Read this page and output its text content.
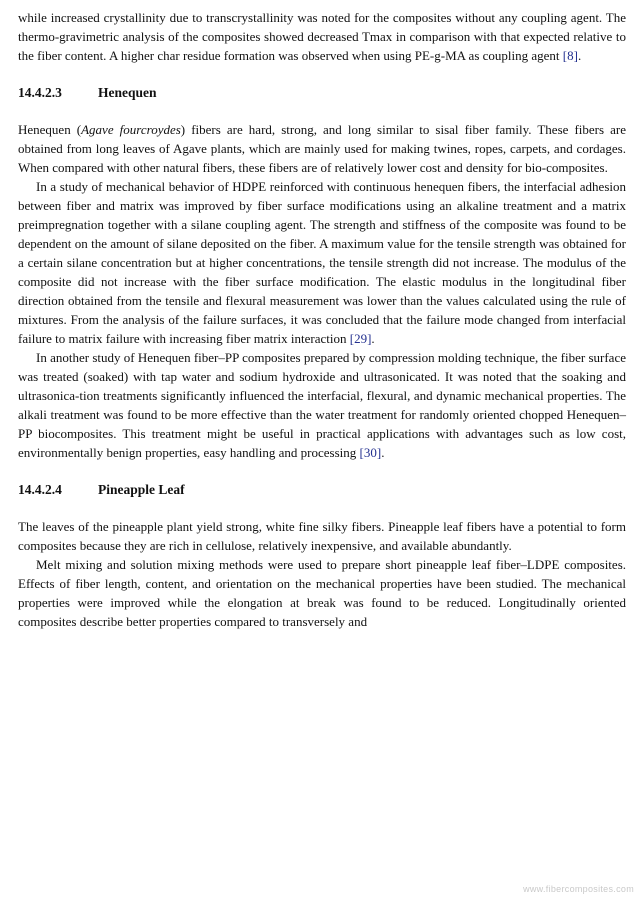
while increased crystallinity due to transcrystallinity was noted for the composites without any coupling agent. The thermo-gravimetric analysis of the composites showed decreased Tmax in comparison with that expected relative to the fiber content. A higher char residue formation was observed when using PE-g-MA as coupling agent [8].

14.4.2.3	Henequen

Henequen (Agave fourcroydes) fibers are hard, strong, and long similar to sisal fiber family. These fibers are obtained from long leaves of Agave plants, which are mainly used for making twines, ropes, carpets, and cordages. When compared with other natural fibers, these fibers are of relatively lower cost and density for bio-composites.

In a study of mechanical behavior of HDPE reinforced with continuous henequen fibers, the interfacial adhesion between fiber and matrix was improved by fiber surface modifications using an alkaline treatment and a matrix preimpregnation together with a silane coupling agent. The strength and stiffness of the composite was found to be dependent on the amount of silane deposited on the fiber. A maximum value for the tensile strength was obtained for a certain silane concentration but at higher concentrations, the tensile strength did not increase. The modulus of the composite did not increase with the fiber surface modification. The elastic modulus in the longitudinal fiber direction obtained from the tensile and flexural measurement was lower than the values calculated using the rule of mixtures. From the analysis of the failure surfaces, it was concluded that the failure mode changed from interfacial failure to matrix failure with increasing fiber matrix interaction [29].

In another study of Henequen fiber–PP composites prepared by compression molding technique, the fiber surface was treated (soaked) with tap water and sodium hydroxide and ultrasonicated. It was noted that the soaking and ultrasonica-tion treatments significantly influenced the interfacial, flexural, and dynamic mechanical properties. The alkali treatment was found to be more effective than the water treatment for randomly oriented chopped Henequen–PP biocomposites. This treatment might be useful in practical applications with advantages such as low cost, environmentally benign properties, easy handling and processing [30].

14.4.2.4	Pineapple Leaf

The leaves of the pineapple plant yield strong, white fine silky fibers. Pineapple leaf fibers have a potential to form composites because they are rich in cellulose, relatively inexpensive, and available abundantly.

Melt mixing and solution mixing methods were used to prepare short pineapple leaf fiber–LDPE composites. Effects of fiber length, content, and orientation on the mechanical properties have been studied. The mechanical properties were improved while the elongation at break was found to be reduced. Longitudinally oriented composites describe better properties compared to transversely and

www.fibercomposites.com
